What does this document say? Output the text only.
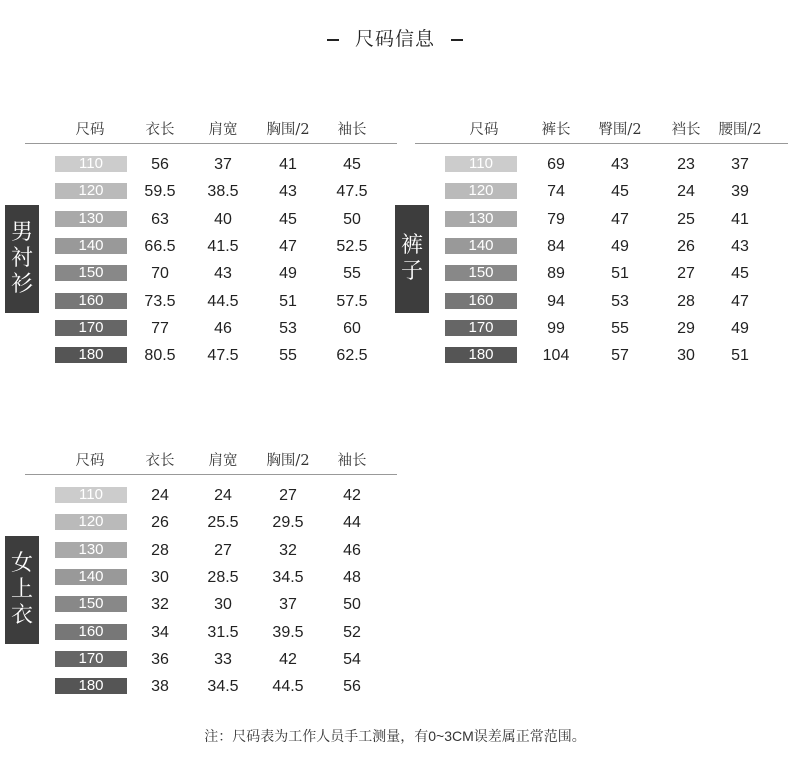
尺码信息
尺码	衣长	肩宽	胸围/2	袖长
110	56	37	41	45
120	59.5	38.5	43	47.5
130	63	40	45	50
140	66.5	41.5	47	52.5
150	70	43	49	55
160	73.5	44.5	51	57.5
170	77	46	53	60
180	80.5	47.5	55	62.5
男
衬
衫
尺码	裤长	臀围/2	裆长	腰围/2
110	69	43	23	37
120	74	45	24	39
130	79	47	25	41
140	84	49	26	43
150	89	51	27	45
160	94	53	28	47
170	99	55	29	49
180	104	57	30	51
裤
子
尺码	衣长	肩宽	胸围/2	袖长
110	24	24	27	42
120	26	25.5	29.5	44
130	28	27	32	46
140	30	28.5	34.5	48
150	32	30	37	50
160	34	31.5	39.5	52
170	36	33	42	54
180	38	34.5	44.5	56
女
上
衣
注：尺码表为工作人员手工测量，有0~3CM误差属正常范围。
